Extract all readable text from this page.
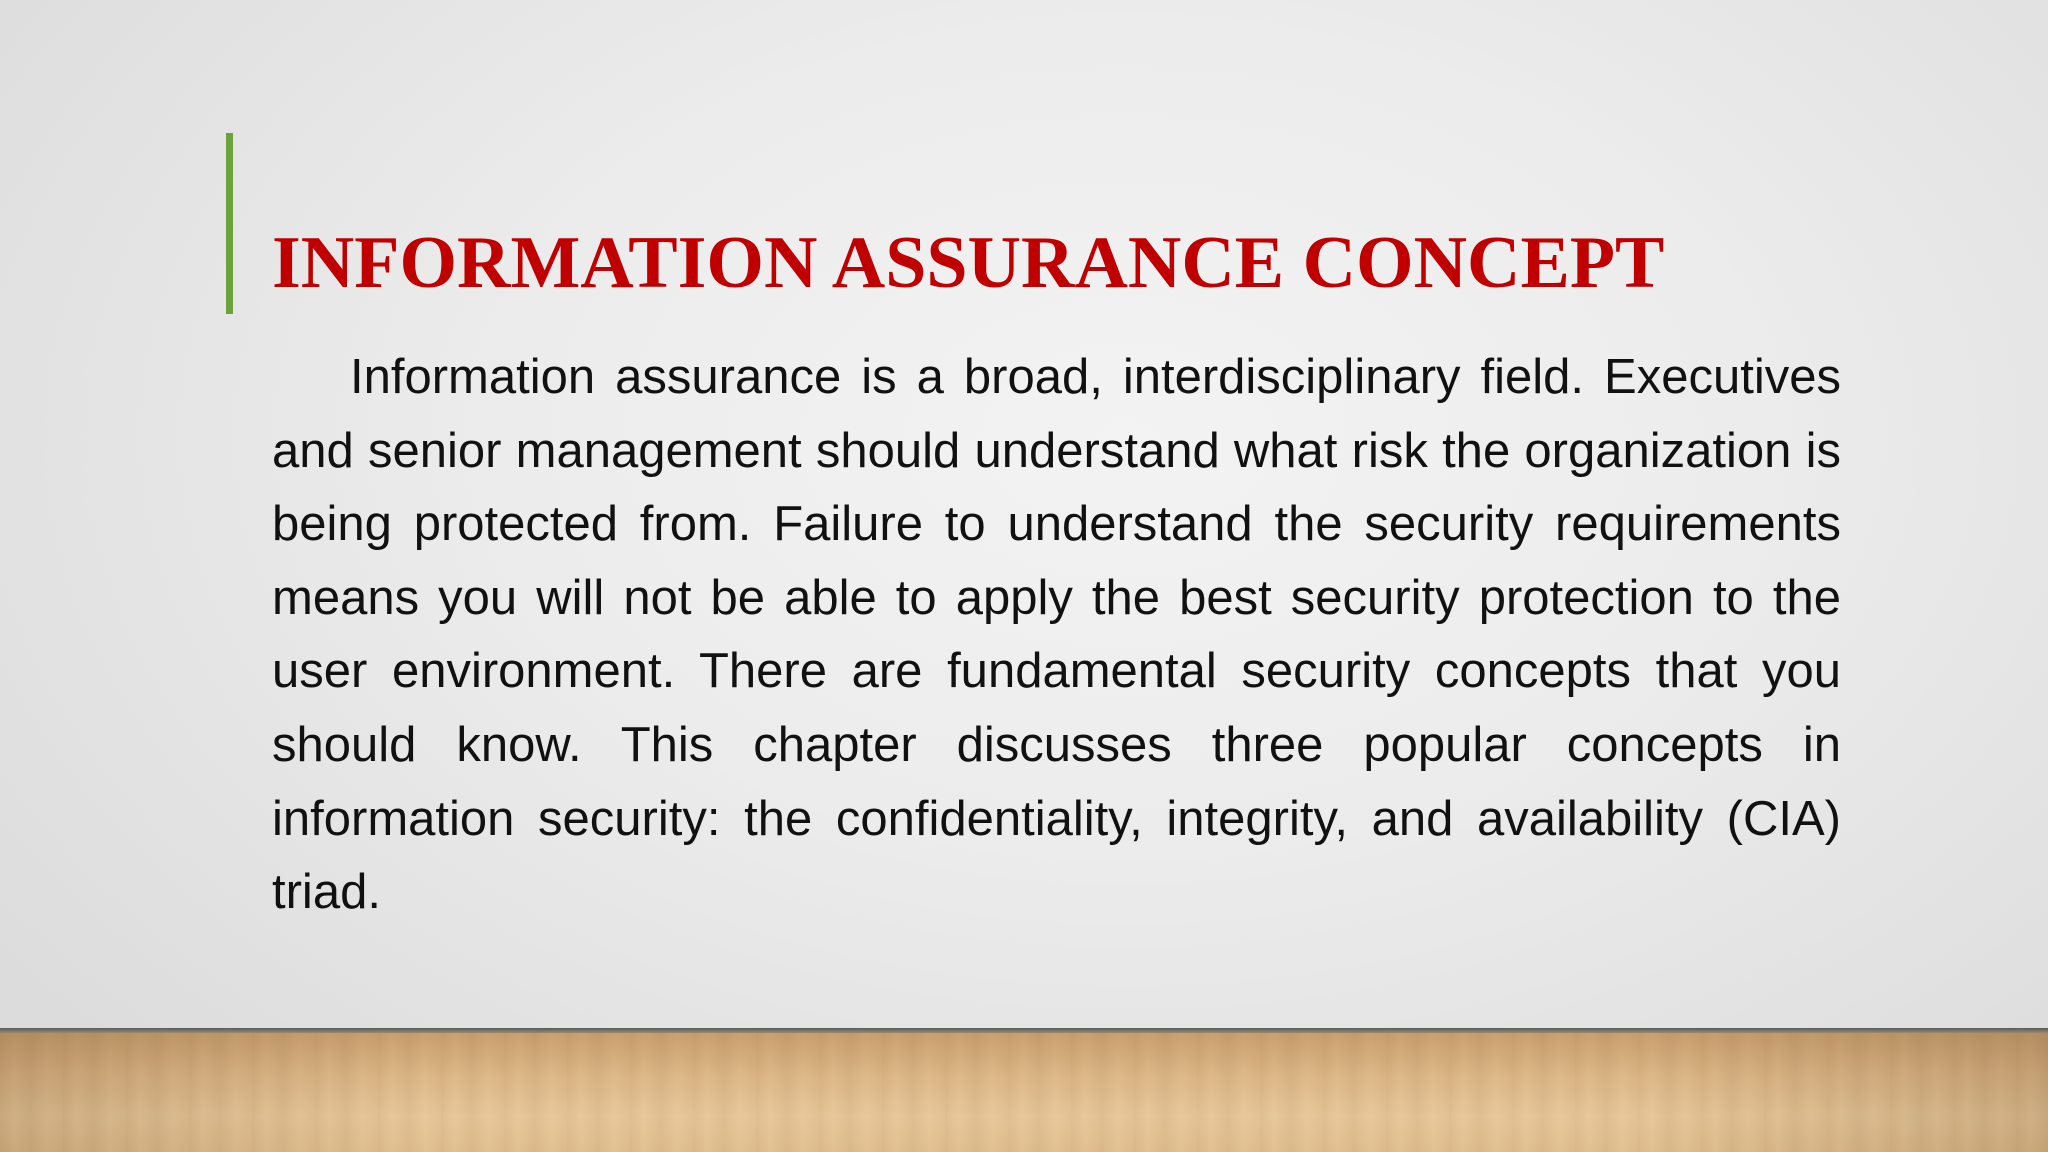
INFORMATION ASSURANCE CONCEPT

Information assurance is a broad, interdisciplinary field. Executives and senior management should understand what risk the organization is being protected from. Failure to understand the security requirements means you will not be able to apply the best security protection to the user environment. There are fundamental security concepts that you should know. This chapter discusses three popular concepts in information security: the confidentiality, integrity, and availability (CIA) triad.
